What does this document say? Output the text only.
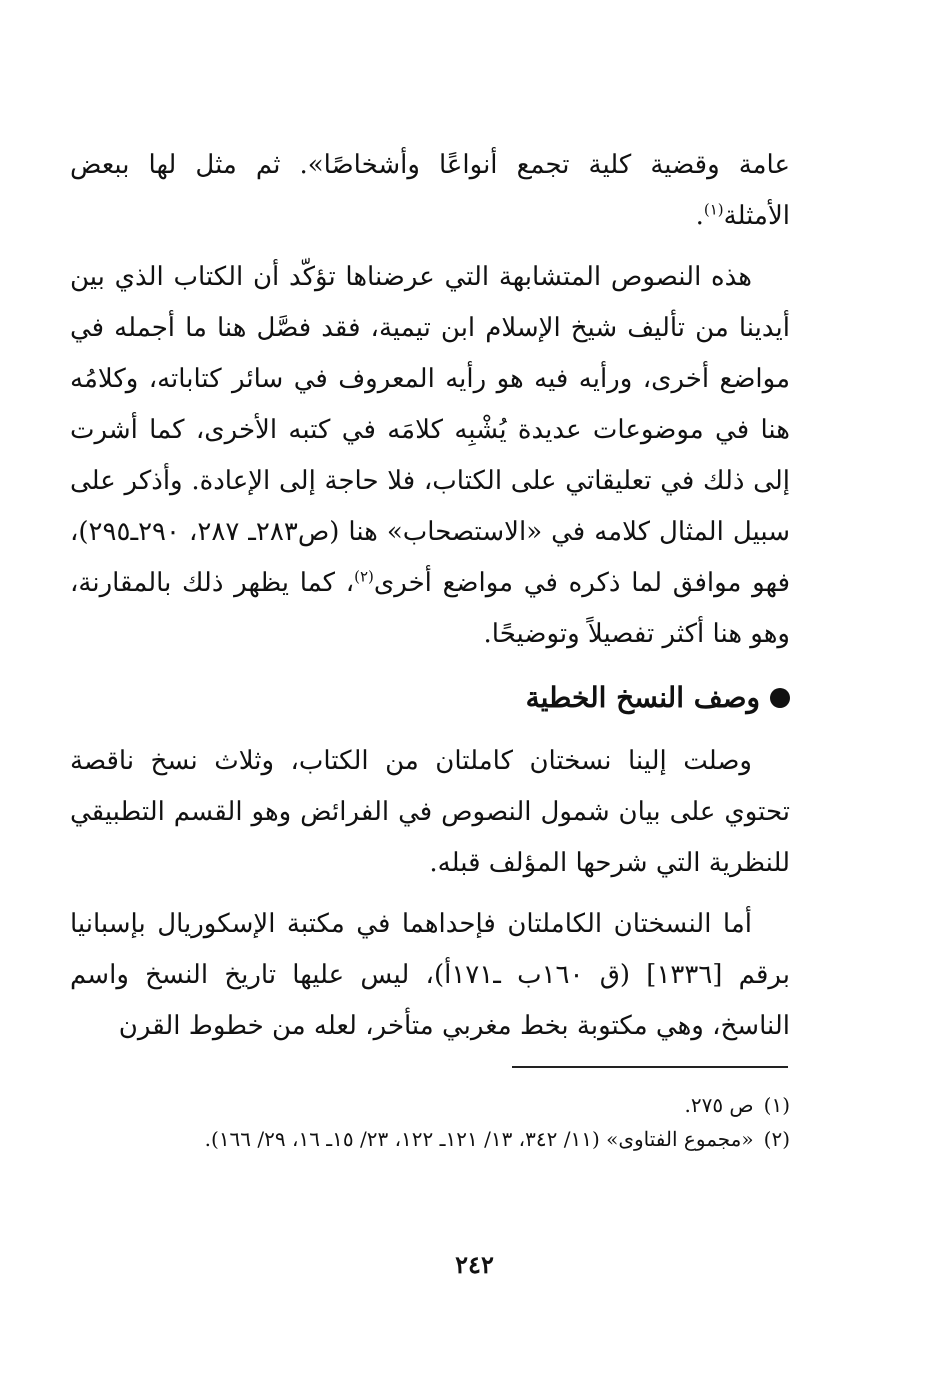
عامة وقضية كلية تجمع أنواعًا وأشخاصًا». ثم مثل لها ببعض الأمثلة$^{(١)}$.

هذه النصوص المتشابهة التي عرضناها تؤكّد أن الكتاب الذي بين أيدينا من تأليف شيخ الإسلام ابن تيمية، فقد فصَّل هنا ما أجمله في مواضع أخرى، ورأيه فيه هو رأيه المعروف في سائر كتاباته، وكلامُه هنا في موضوعات عديدة يُشْبِه كلامَه في كتبه الأخرى، كما أشرت إلى ذلك في تعليقاتي على الكتاب، فلا حاجة إلى الإعادة. وأذكر على سبيل المثال كلامه في «الاستصحاب» هنا (ص٢٨٣ـ ٢٨٧، ٢٩٠ـ٢٩٥)، فهو موافق لما ذكره في مواضع أخرى$^{(٢)}$، كما يظهر ذلك بالمقارنة، وهو هنا أكثر تفصيلاً وتوضيحًا.

وصف النسخ الخطية

وصلت إلينا نسختان كاملتان من الكتاب، وثلاث نسخ ناقصة تحتوي على بيان شمول النصوص في الفرائض وهو القسم التطبيقي للنظرية التي شرحها المؤلف قبله.

أما النسختان الكاملتان فإحداهما في مكتبة الإسكوريال بإسبانيا برقم [١٣٣٦] (ق ١٦٠ب ـ١٧١أ)، ليس عليها تاريخ النسخ واسم الناسخ، وهي مكتوبة بخط مغربي متأخر، لعله من خطوط القرن

(١)ص ٢٧٥.

(٢)«مجموع الفتاوى» (١١/ ٣٤٢، ١٣/ ١٢١ـ ١٢٢، ٢٣/ ١٥ـ ١٦، ٢٩/ ١٦٦).

٢٤٢
